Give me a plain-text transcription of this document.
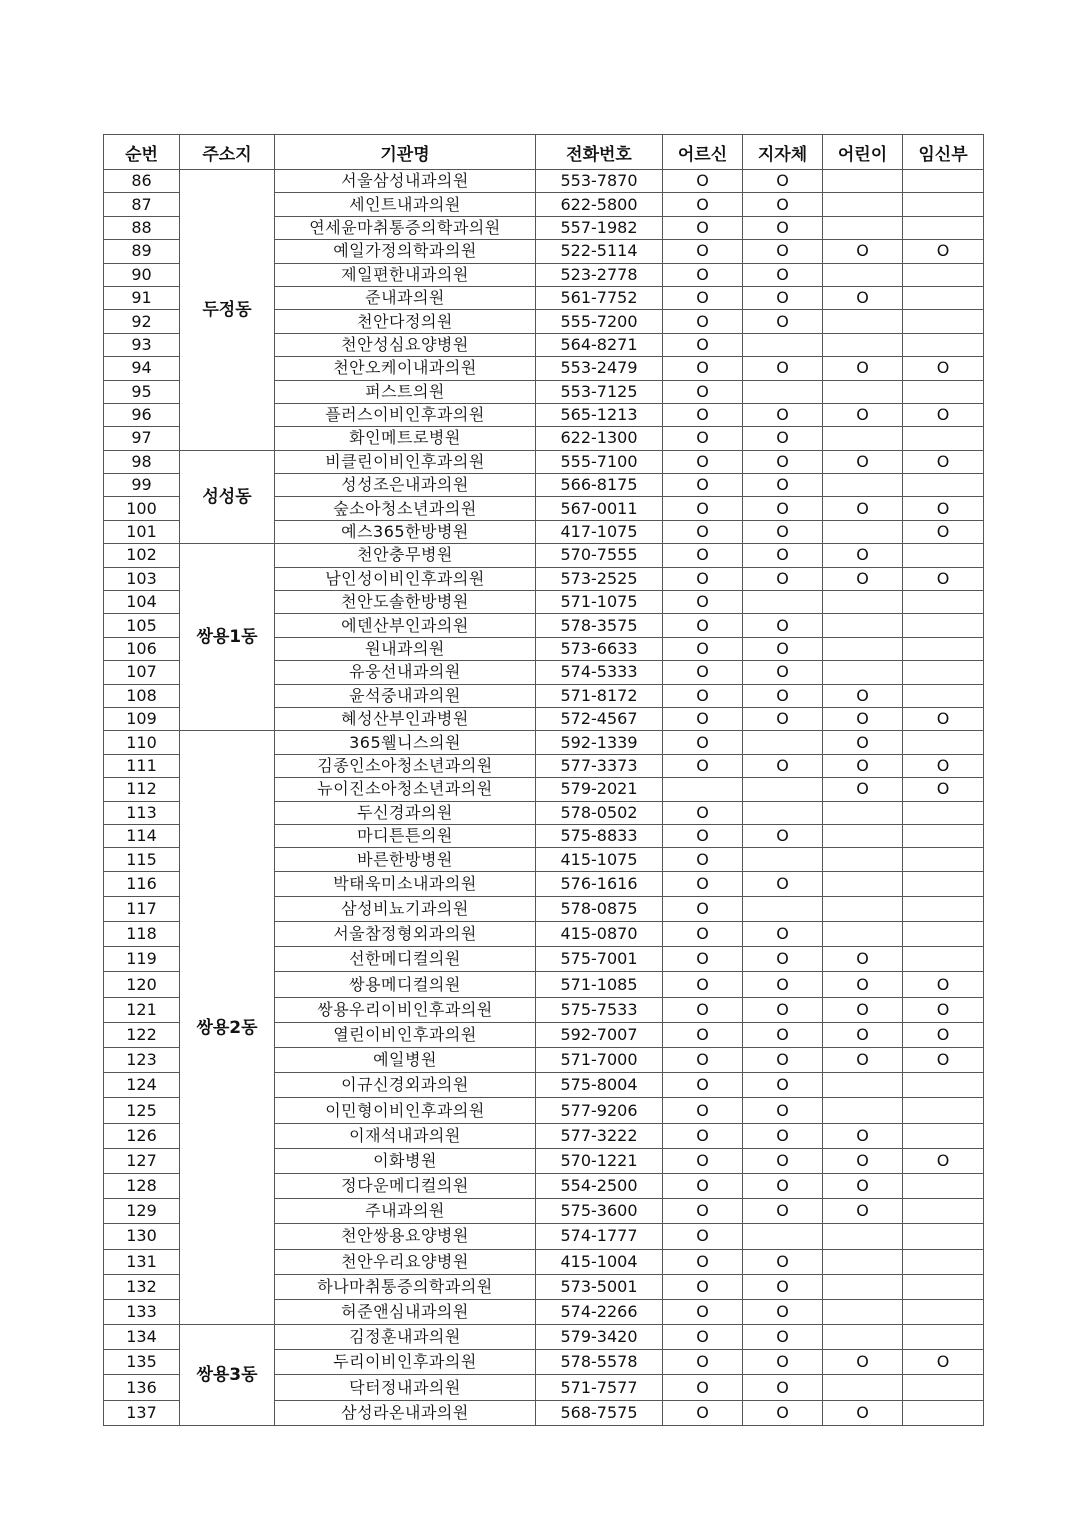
순번	주소지	기관명	전화번호	어르신	지자체	어린이	임신부
86	두정동	서울삼성내과의원	553-7870	O	O		
87		세인트내과의원	622-5800	O	O		
88		연세윤마취통증의학과의원	557-1982	O	O		
89		예일가정의학과의원	522-5114	O	O	O	O
90		제일편한내과의원	523-2778	O	O		
91		준내과의원	561-7752	O	O	O	
92		천안다정의원	555-7200	O	O		
93		천안성심요양병원	564-8271	O			
94		천안오케이내과의원	553-2479	O	O	O	O
95		퍼스트의원	553-7125	O			
96		플러스이비인후과의원	565-1213	O	O	O	O
97		화인메트로병원	622-1300	O	O		
98	성성동	비클린이비인후과의원	555-7100	O	O	O	O
99		성성조은내과의원	566-8175	O	O		
100		숲소아청소년과의원	567-0011	O	O	O	O
101		예스365한방병원	417-1075	O	O		O
102	쌍용1동	천안충무병원	570-7555	O	O	O	
103		남인성이비인후과의원	573-2525	O	O	O	O
104		천안도솔한방병원	571-1075	O			
105		에덴산부인과의원	578-3575	O	O		
106		원내과의원	573-6633	O	O		
107		유웅선내과의원	574-5333	O	O		
108		윤석중내과의원	571-8172	O	O	O	
109		혜성산부인과병원	572-4567	O	O	O	O
110	쌍용2동	365웰니스의원	592-1339	O		O	
111		김종인소아청소년과의원	577-3373	O	O	O	O
112		뉴이진소아청소년과의원	579-2021			O	O
113		두신경과의원	578-0502	O			
114		마디튼튼의원	575-8833	O	O		
115		바른한방병원	415-1075	O			
116		박태욱미소내과의원	576-1616	O	O		
117		삼성비뇨기과의원	578-0875	O			
118		서울참정형외과의원	415-0870	O	O		
119		선한메디컬의원	575-7001	O	O	O	
120		쌍용메디컬의원	571-1085	O	O	O	O
121		쌍용우리이비인후과의원	575-7533	O	O	O	O
122		열린이비인후과의원	592-7007	O	O	O	O
123		예일병원	571-7000	O	O	O	O
124		이규신경외과의원	575-8004	O	O		
125		이민형이비인후과의원	577-9206	O	O		
126		이재석내과의원	577-3222	O	O	O	
127		이화병원	570-1221	O	O	O	O
128		정다운메디컬의원	554-2500	O	O	O	
129		주내과의원	575-3600	O	O	O	
130		천안쌍용요양병원	574-1777	O			
131		천안우리요양병원	415-1004	O	O		
132		하나마취통증의학과의원	573-5001	O	O		
133		허준앤심내과의원	574-2266	O	O		
134	쌍용3동	김정훈내과의원	579-3420	O	O		
135		두리이비인후과의원	578-5578	O	O	O	O
136		닥터정내과의원	571-7577	O	O		
137		삼성라온내과의원	568-7575	O	O	O	
